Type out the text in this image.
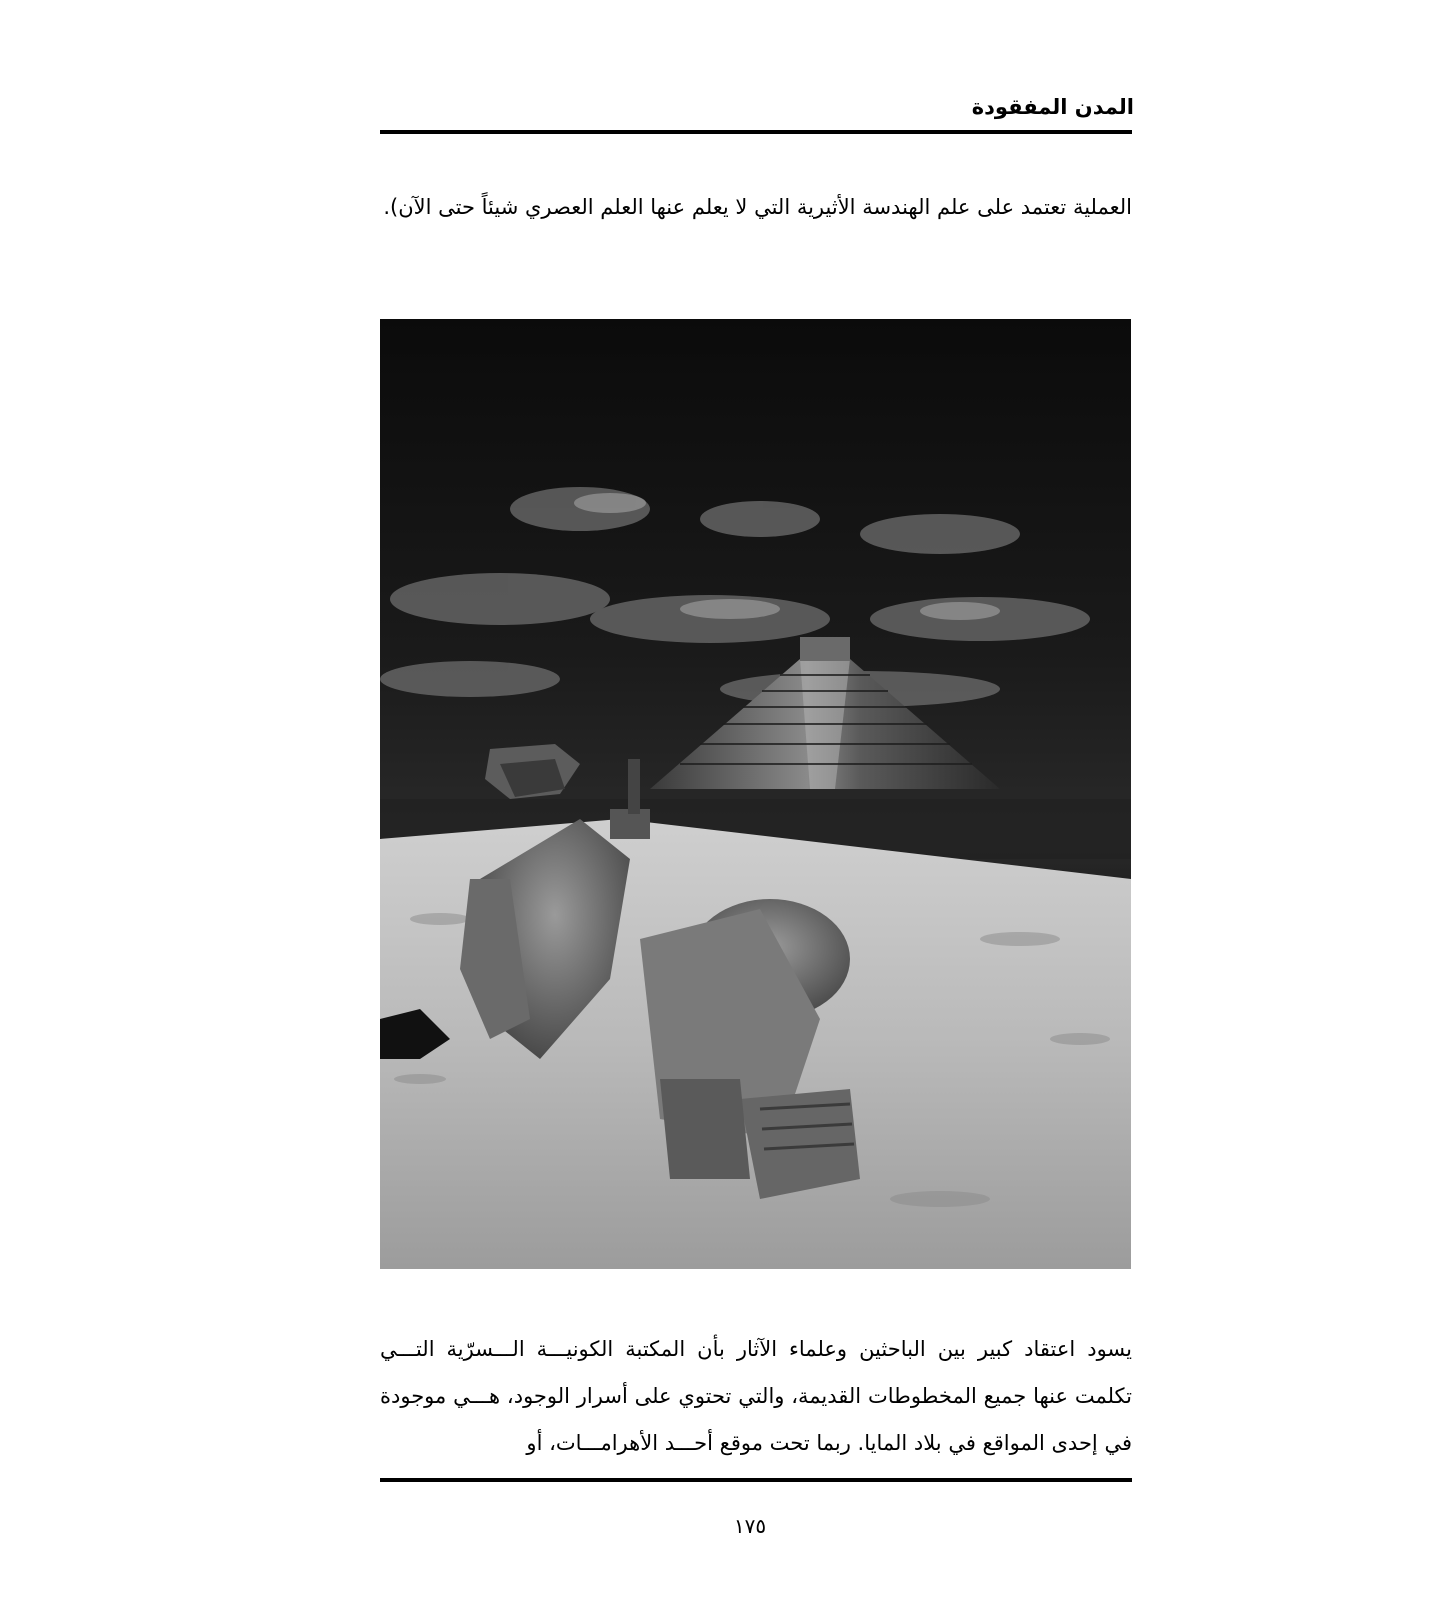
المدن المفقودة
العملية تعتمد على علم الهندسة الأثيرية التي لا يعلم عنها العلم العصري شيئاً حتى الآن).
يسود اعتقاد كبير بين الباحثين وعلماء الآثار بأن المكتبة الكونيـــة الـــسرّية التـــي تكلمت عنها جميع المخطوطات القديمة، والتي تحتوي على أسرار الوجود، هـــي موجودة في إحدى المواقع في بلاد المايا. ربما تحت موقع أحـــد الأهرامـــات، أو
١٧٥
